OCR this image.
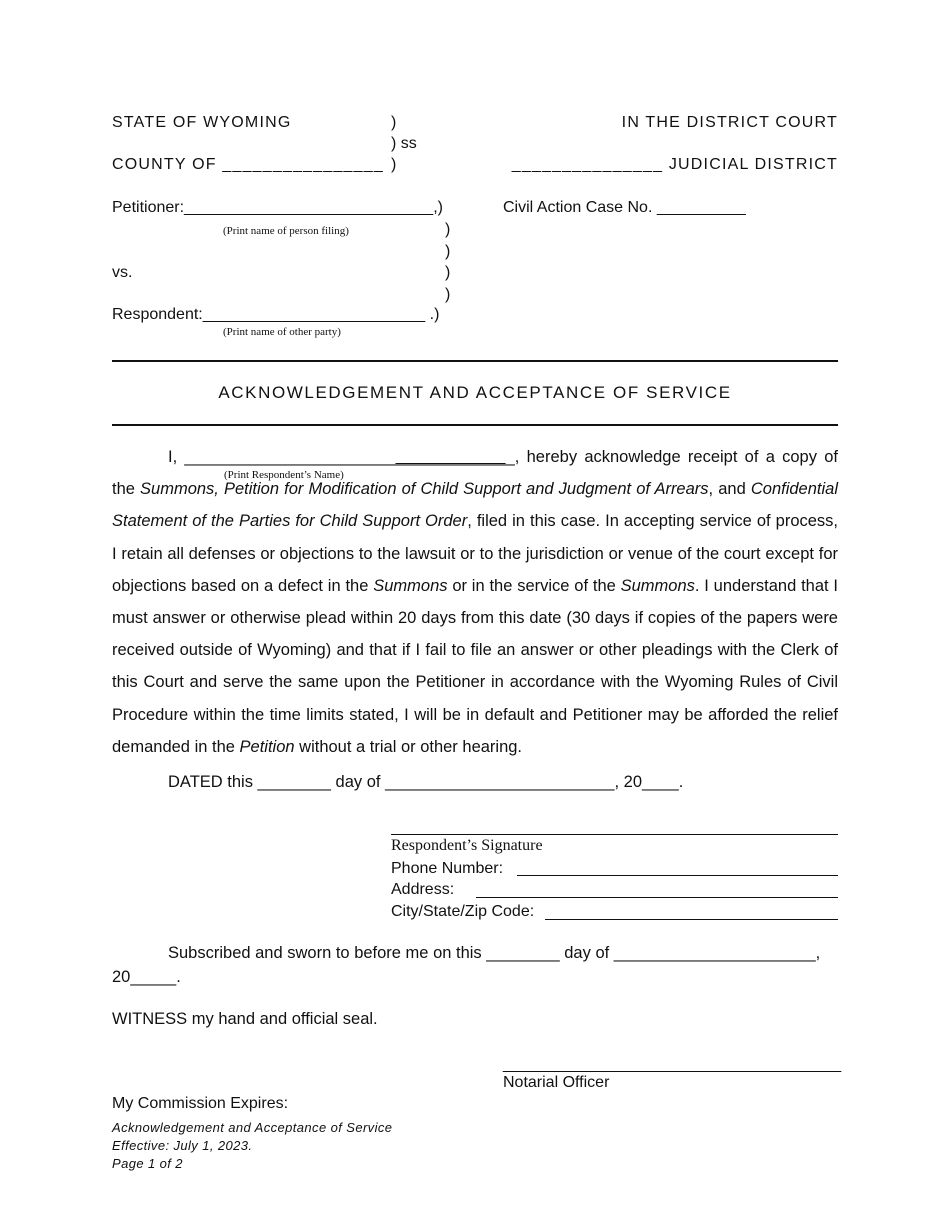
STATE OF WYOMING	)
) ss
COUNTY OF ________________ )
IN THE DISTRICT COURT
_______________ JUDICIAL DISTRICT
Petitioner:____________________________,)
(Print name of person filing)
Civil Action Case No. __________
)
)
vs.	)
)
Respondent:_________________________ .)
(Print name of other party)
ACKNOWLEDGEMENT AND ACCEPTANCE OF SERVICE
I, ____________________________________, hereby acknowledge receipt of a copy of the Summons, Petition for Modification of Child Support and Judgment of Arrears, and Confidential Statement of the Parties for Child Support Order, filed in this case. In accepting service of process, I retain all defenses or objections to the lawsuit or to the jurisdiction or venue of the court except for objections based on a defect in the Summons or in the service of the Summons. I understand that I must answer or otherwise plead within 20 days from this date (30 days if copies of the papers were received outside of Wyoming) and that if I fail to file an answer or other pleadings with the Clerk of this Court and serve the same upon the Petitioner in accordance with the Wyoming Rules of Civil Procedure within the time limits stated, I will be in default and Petitioner may be afforded the relief demanded in the Petition without a trial or other hearing.
(Print Respondent’s Name)
DATED this ________ day of _________________________, 20____.
Respondent’s Signature
Phone Number:
Address:
City/State/Zip Code:
Subscribed and sworn to before me on this ________ day of ______________________,
20_____.
WITNESS my hand and official seal.
______________________________________
Notarial Officer
My Commission Expires:
Acknowledgement and Acceptance of Service
Effective: July 1, 2023.
Page 1 of 2
